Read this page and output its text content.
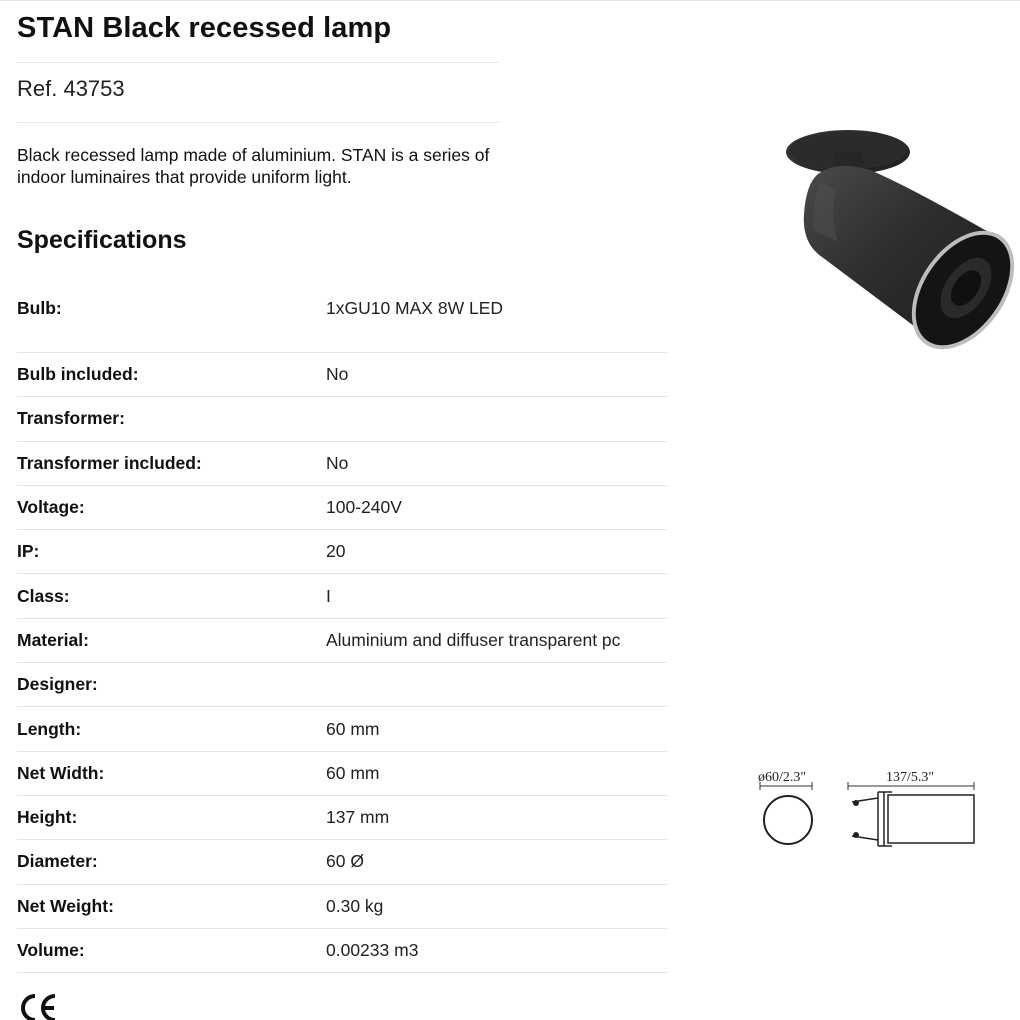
STAN Black recessed lamp
Ref. 43753

Black recessed lamp made of aluminium. STAN is a series of indoor luminaires that provide uniform light.

Specifications
Bulb:	1xGU10 MAX 8W LED
Bulb included:	No
Transformer:
Transformer included:	No
Voltage:	100-240V
IP:	20
Class:	I
Material:	Aluminium and diffuser transparent pc
Designer:
Length:	60 mm
Net Width:	60 mm
Height:	137 mm
Diameter:	60 Ø
Net Weight:	0.30 kg
Volume:	0.00233 m3
ø60/2.3"	137/5.3"
